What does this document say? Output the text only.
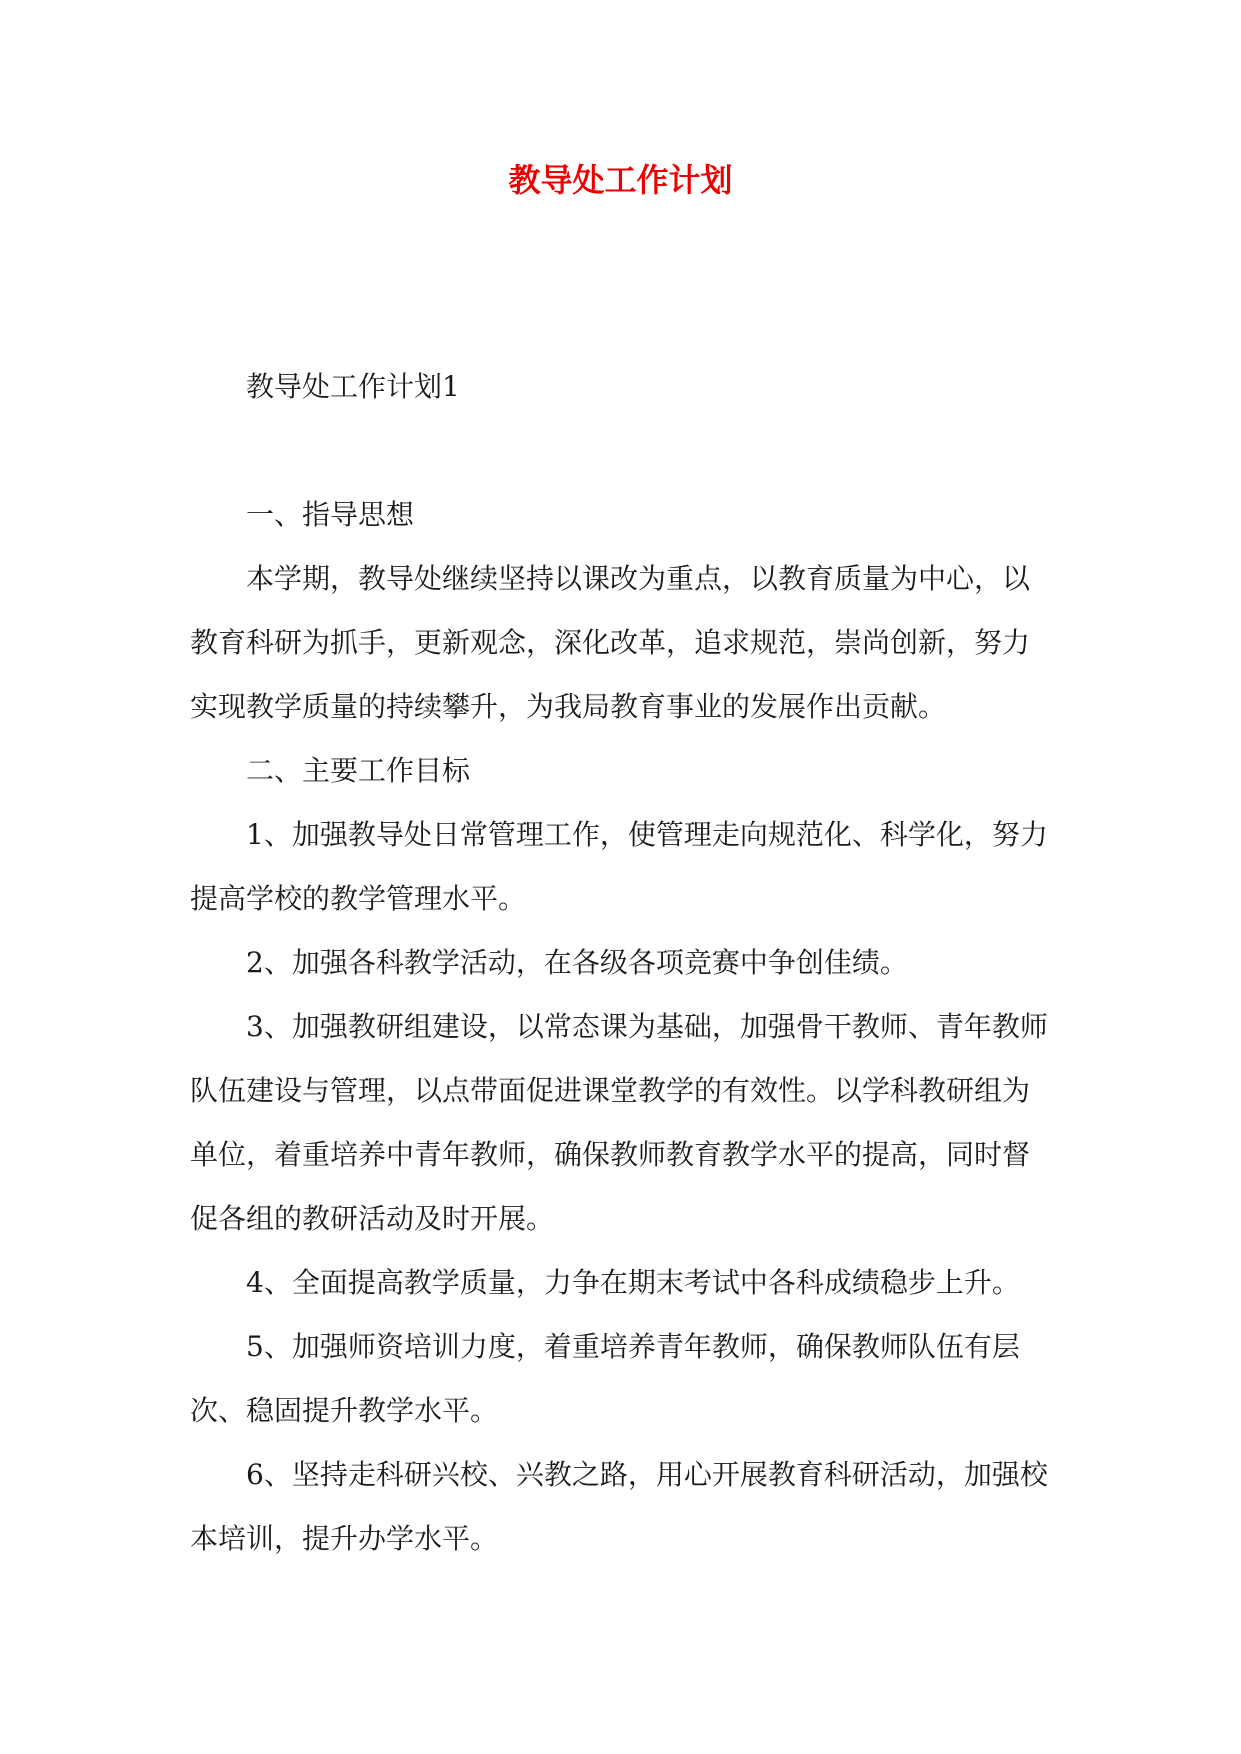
教导处工作计划

教导处工作计划1

一、指导思想

本学期，教导处继续坚持以课改为重点，以教育质量为中心，以教育科研为抓手，更新观念，深化改革，追求规范，崇尚创新，努力实现教学质量的持续攀升，为我局教育事业的发展作出贡献。

二、主要工作目标

1、加强教导处日常管理工作，使管理走向规范化、科学化，努力提高学校的教学管理水平。

2、加强各科教学活动，在各级各项竞赛中争创佳绩。

3、加强教研组建设，以常态课为基础，加强骨干教师、青年教师队伍建设与管理，以点带面促进课堂教学的有效性。以学科教研组为单位，着重培养中青年教师，确保教师教育教学水平的提高，同时督促各组的教研活动及时开展。

4、全面提高教学质量，力争在期末考试中各科成绩稳步上升。

5、加强师资培训力度，着重培养青年教师，确保教师队伍有层次、稳固提升教学水平。

6、坚持走科研兴校、兴教之路，用心开展教育科研活动，加强校本培训，提升办学水平。
